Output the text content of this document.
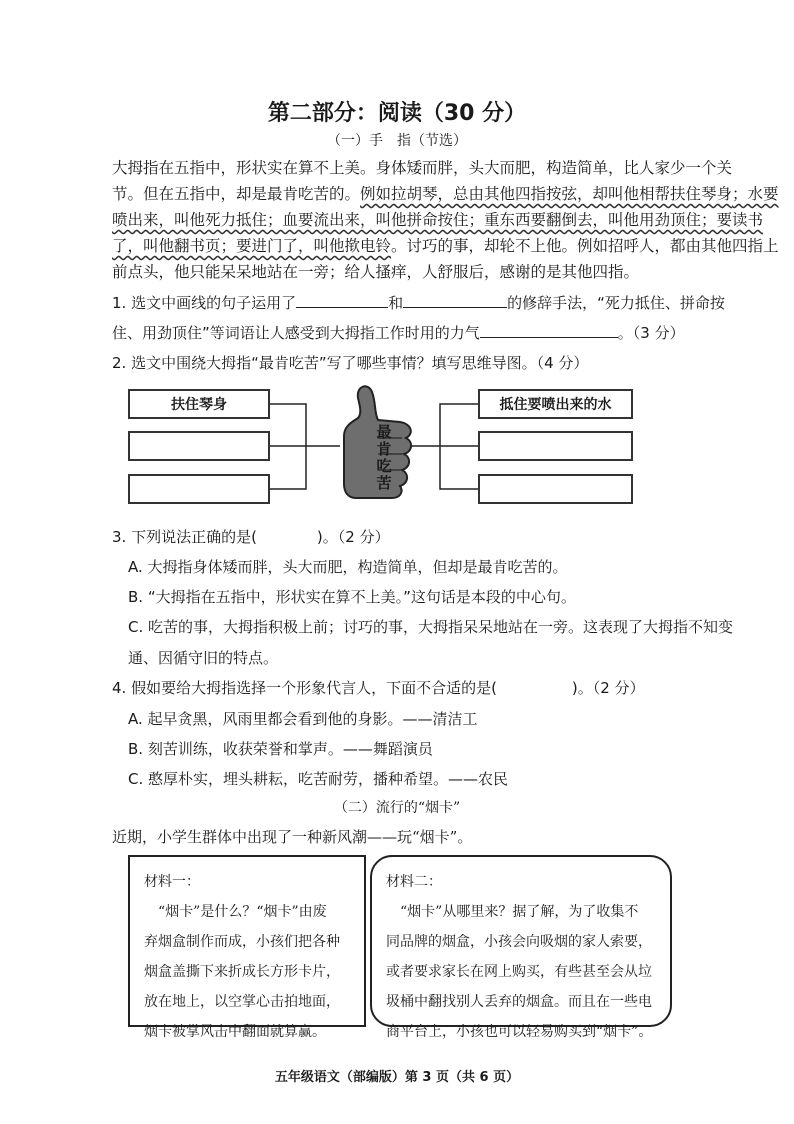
第二部分：阅读（30 分）
（一）手　指（节选）
大拇指在五指中，形状实在算不上美。身体矮而胖，头大而肥，构造简单，比人家少一个关
节。但在五指中，却是最肯吃苦的。例如拉胡琴，总由其他四指按弦，却叫他相帮扶住琴身；水要
喷出来，叫他死力抵住；血要流出来，叫他拼命按住；重东西要翻倒去，叫他用劲顶住；要读书
了，叫他翻书页；要进门了，叫他揿电铃。讨巧的事，却轮不上他。例如招呼人，都由其他四指上
前点头，他只能呆呆地站在一旁；给人搔痒，人舒服后，感谢的是其他四指。
1. 选文中画线的句子运用了	和	的修辞手法，“死力抵住、拼命按
住、用劲顶住”等词语让人感受到大拇指工作时用的力气	。（3 分）
2. 选文中围绕大拇指“最肯吃苦”写了哪些事情？填写思维导图。（4 分）
扶住琴身	抵住要喷出来的水
最
肯
吃
苦
3. 下列说法正确的是(　　　　)。（2 分）
A. 大拇指身体矮而胖，头大而肥，构造简单，但却是最肯吃苦的。
B. “大拇指在五指中，形状实在算不上美。”这句话是本段的中心句。
C. 吃苦的事，大拇指积极上前；讨巧的事，大拇指呆呆地站在一旁。这表现了大拇指不知变
通、因循守旧的特点。
4. 假如要给大拇指选择一个形象代言人，下面不合适的是(　　　　　)。（2 分）
A. 起早贪黑，风雨里都会看到他的身影。——清洁工
B. 刻苦训练，收获荣誉和掌声。——舞蹈演员
C. 憨厚朴实，埋头耕耘，吃苦耐劳，播种希望。——农民
（二）流行的“烟卡”
近期，小学生群体中出现了一种新风潮——玩“烟卡”。
材料一：
“烟卡”是什么？“烟卡”由废
弃烟盒制作而成，小孩们把各种
烟盒盖撕下来折成长方形卡片，
放在地上，以空掌心击拍地面，
烟卡被掌风击中翻面就算赢。
材料二：
“烟卡”从哪里来？据了解，为了收集不
同品牌的烟盒，小孩会向吸烟的家人索要，
或者要求家长在网上购买，有些甚至会从垃
圾桶中翻找别人丢弃的烟盒。而且在一些电
商平台上，小孩也可以轻易购买到“烟卡”。
五年级语文（部编版）第 3 页（共 6 页）
